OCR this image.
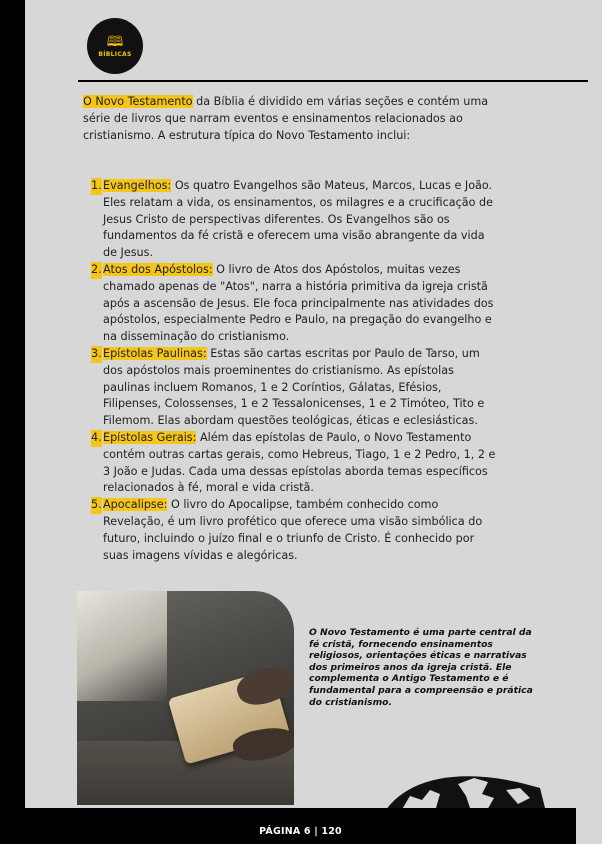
🕮
BÍBLICAS

O Novo Testamento da Bíblia é dividido em várias seções e contém uma série de livros que narram eventos e ensinamentos relacionados ao cristianismo. A estrutura típica do Novo Testamento inclui:

1. Evangelhos: Os quatro Evangelhos são Mateus, Marcos, Lucas e João. Eles relatam a vida, os ensinamentos, os milagres e a crucificação de Jesus Cristo de perspectivas diferentes. Os Evangelhos são os fundamentos da fé cristã e oferecem uma visão abrangente da vida de Jesus.
2. Atos dos Apóstolos: O livro de Atos dos Apóstolos, muitas vezes chamado apenas de "Atos", narra a história primitiva da igreja cristã após a ascensão de Jesus. Ele foca principalmente nas atividades dos apóstolos, especialmente Pedro e Paulo, na pregação do evangelho e na disseminação do cristianismo.
3. Epístolas Paulinas: Estas são cartas escritas por Paulo de Tarso, um dos apóstolos mais proeminentes do cristianismo. As epístolas paulinas incluem Romanos, 1 e 2 Coríntios, Gálatas, Efésios, Filipenses, Colossenses, 1 e 2 Tessalonicenses, 1 e 2 Timóteo, Tito e Filemom. Elas abordam questões teológicas, éticas e eclesiásticas.
4. Epístolas Gerais: Além das epístolas de Paulo, o Novo Testamento contém outras cartas gerais, como Hebreus, Tiago, 1 e 2 Pedro, 1, 2 e 3 João e Judas. Cada uma dessas epístolas aborda temas específicos relacionados à fé, moral e vida cristã.
5. Apocalipse: O livro do Apocalipse, também conhecido como Revelação, é um livro profético que oferece uma visão simbólica do futuro, incluindo o juízo final e o triunfo de Cristo. É conhecido por suas imagens vívidas e alegóricas.

O Novo Testamento é uma parte central da fé cristã, fornecendo ensinamentos religiosos, orientações éticas e narrativas dos primeiros anos da igreja cristã. Ele complementa o Antigo Testamento e é fundamental para a compreensão e prática do cristianismo.

PÁGINA 6 | 120
